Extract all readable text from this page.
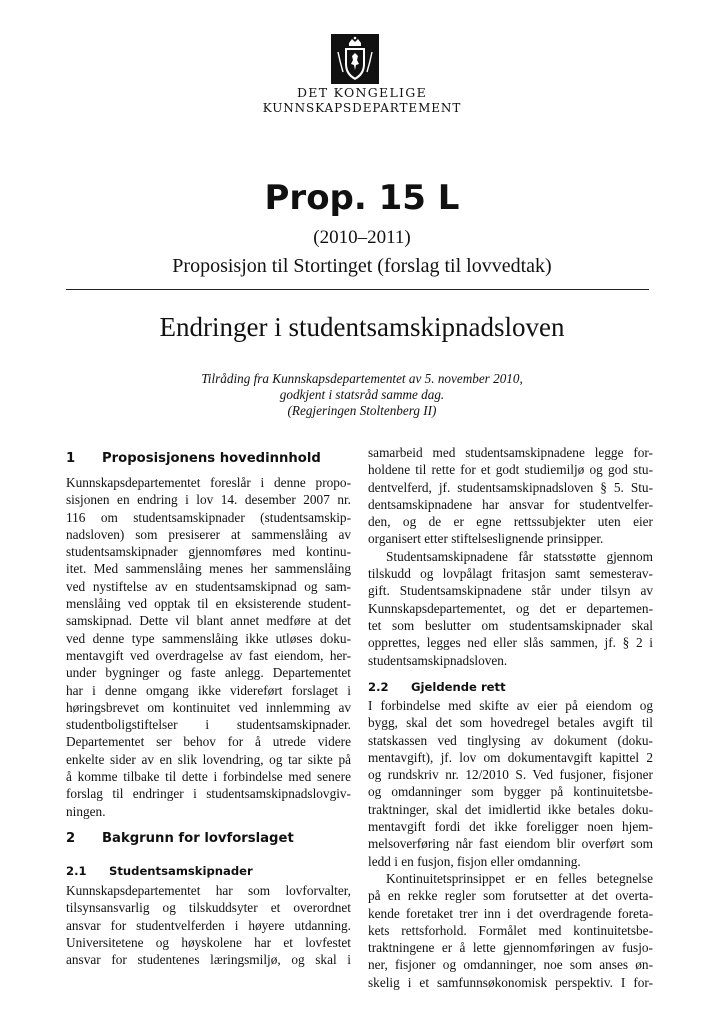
DET KONGELIGE
KUNNSKAPSDEPARTEMENT
Prop. 15 L
(2010–2011)
Proposisjon til Stortinget (forslag til lovvedtak)
Endringer i studentsamskipnadsloven
Tilråding fra Kunnskapsdepartementet av 5. november 2010,
godkjent i statsråd samme dag.
(Regjeringen Stoltenberg II)
1 Proposisjonens hovedinnhold
Kunnskapsdepartementet foreslår i denne propo-
sisjonen en endring i lov 14. desember 2007 nr.
116 om studentsamskipnader (studentsamskip-
nadsloven) som presiserer at sammenslåing av
studentsamskipnader gjennomføres med kontinu-
itet. Med sammenslåing menes her sammenslåing
ved nystiftelse av en studentsamskipnad og sam-
menslåing ved opptak til en eksisterende student-
samskipnad. Dette vil blant annet medføre at det
ved denne type sammenslåing ikke utløses doku-
mentavgift ved overdragelse av fast eiendom, her-
under bygninger og faste anlegg. Departementet
har i denne omgang ikke videreført forslaget i
høringsbrevet om kontinuitet ved innlemming av
studentboligstiftelser i studentsamskipnader.
Departementet ser behov for å utrede videre
enkelte sider av en slik lovendring, og tar sikte på
å komme tilbake til dette i forbindelse med senere
forslag til endringer i studentsamskipnadslovgiv-
ningen.
2 Bakgrunn for lovforslaget
2.1 Studentsamskipnader
Kunnskapsdepartementet har som lovforvalter,
tilsynsansvarlig og tilskuddsyter et overordnet
ansvar for studentvelferden i høyere utdanning.
Universitetene og høyskolene har et lovfestet
ansvar for studentenes læringsmiljø, og skal i
samarbeid med studentsamskipnadene legge for-
holdene til rette for et godt studiemiljø og god stu-
dentvelferd, jf. studentsamskipnadsloven § 5. Stu-
dentsamskipnadene har ansvar for studentvelfer-
den, og de er egne rettssubjekter uten eier
organisert etter stiftelseslignende prinsipper.
Studentsamskipnadene får statsstøtte gjennom
tilskudd og lovpålagt fritasjon samt semesterav-
gift. Studentsamskipnadene står under tilsyn av
Kunnskapsdepartementet, og det er departemen-
tet som beslutter om studentsamskipnader skal
opprettes, legges ned eller slås sammen, jf. § 2 i
studentsamskipnadsloven.
2.2 Gjeldende rett
I forbindelse med skifte av eier på eiendom og
bygg, skal det som hovedregel betales avgift til
statskassen ved tinglysing av dokument (doku-
mentavgift), jf. lov om dokumentavgift kapittel 2
og rundskriv nr. 12/2010 S. Ved fusjoner, fisjoner
og omdanninger som bygger på kontinuitetsbe-
traktninger, skal det imidlertid ikke betales doku-
mentavgift fordi det ikke foreligger noen hjem-
melsoverføring når fast eiendom blir overført som
ledd i en fusjon, fisjon eller omdanning.
Kontinuitetsprinsippet er en felles betegnelse
på en rekke regler som forutsetter at det overta-
kende foretaket trer inn i det overdragende foreta-
kets rettsforhold. Formålet med kontinuitetsbe-
traktningene er å lette gjennomføringen av fusjo-
ner, fisjoner og omdanninger, noe som anses øn-
skelig i et samfunnsøkonomisk perspektiv. I for-
